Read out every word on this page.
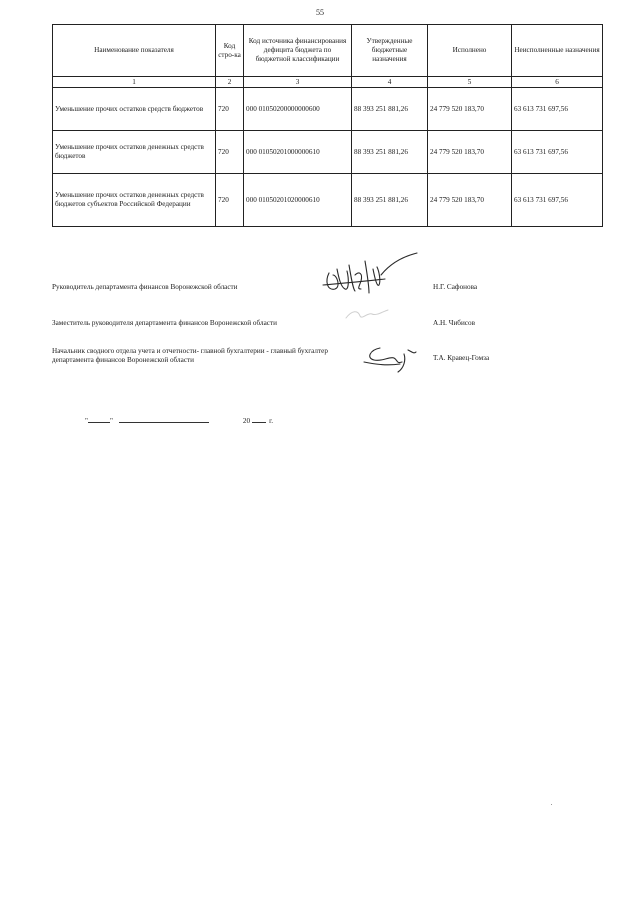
55
Наименование показателя	Код стро-ка	Код источника финансирования дефицита бюджета по бюджетной классификации	Утвержденные бюджетные назначения	Исполнено	Неисполненные назначения
1	2	3	4	5	6
Уменьшение прочих остатков средств бюджетов	720	000 01050200000000600	88 393 251 881,26	24 779 520 183,70	63 613 731 697,56
Уменьшение прочих остатков денежных средств бюджетов	720	000 01050201000000610	88 393 251 881,26	24 779 520 183,70	63 613 731 697,56
Уменьшение прочих остатков денежных средств бюджетов субъектов Российской Федерации	720	000 01050201020000610	88 393 251 881,26	24 779 520 183,70	63 613 731 697,56
Руководитель департамента финансов Воронежской области	Н.Г. Сафонова
Заместитель руководителя департамента финансов Воронежской области	А.Н. Чибисов
Начальник сводного отдела учета и отчетности- главной бухгалтерии - главный бухгалтер департамента финансов Воронежской области	Т.А. Кравец-Гомза
"	"	20	г.
